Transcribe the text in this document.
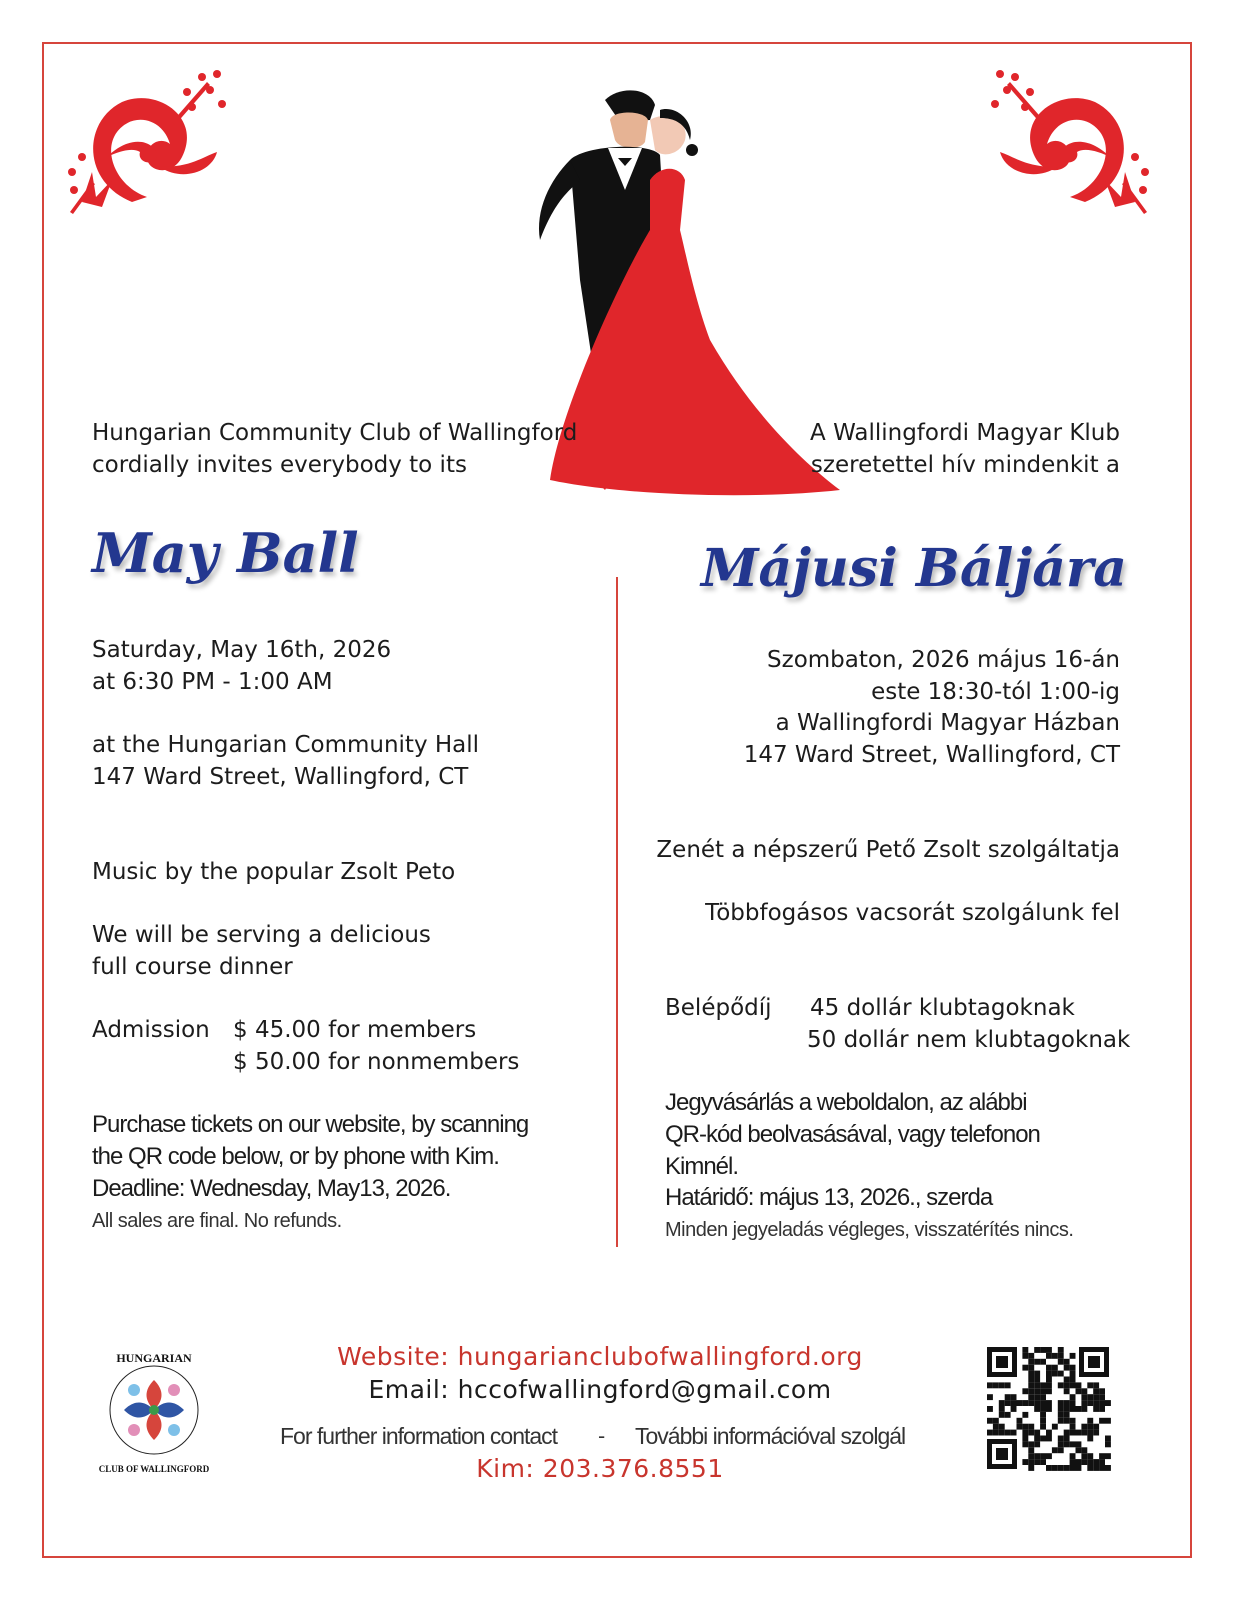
Hungarian Community Club of Wallingford
cordially invites everybody to its
May Ball
Saturday, May 16th, 2026
at 6:30 PM - 1:00 AM
at the Hungarian Community Hall
147 Ward Street, Wallingford, CT
Music by the popular Zsolt Peto
We will be serving a delicious
full course dinner
Admission $ 45.00 for members
$ 50.00 for nonmembers
Purchase tickets on our website, by scanning
the QR code below, or by phone with Kim.
Deadline: Wednesday, May13, 2026.
All sales are final. No refunds.
A Wallingfordi Magyar Klub
szeretettel hív mindenkit a
Májusi Báljára
Szombaton, 2026 május 16-án
este 18:30-tól 1:00-ig
a Wallingfordi Magyar Házban
147 Ward Street, Wallingford, CT
Zenét a népszerű Pető Zsolt szolgáltatja
Többfogásos vacsorát szolgálunk fel
Belépődíj 45 dollár klubtagoknak
50 dollár nem klubtagoknak
Jegyvásárlás a weboldalon, az alábbi
QR-kód beolvasásával, vagy telefonon
Kimnél.
Határidő: május 13, 2026., szerda
Minden jegyeladás végleges, visszatérítés nincs.
HUNGARIAN
CLUB OF WALLINGFORD
Website: hungarianclubofwallingford.org
Email: hccofwallingford@gmail.com
For further information contact - További információval szolgál
Kim: 203.376.8551
